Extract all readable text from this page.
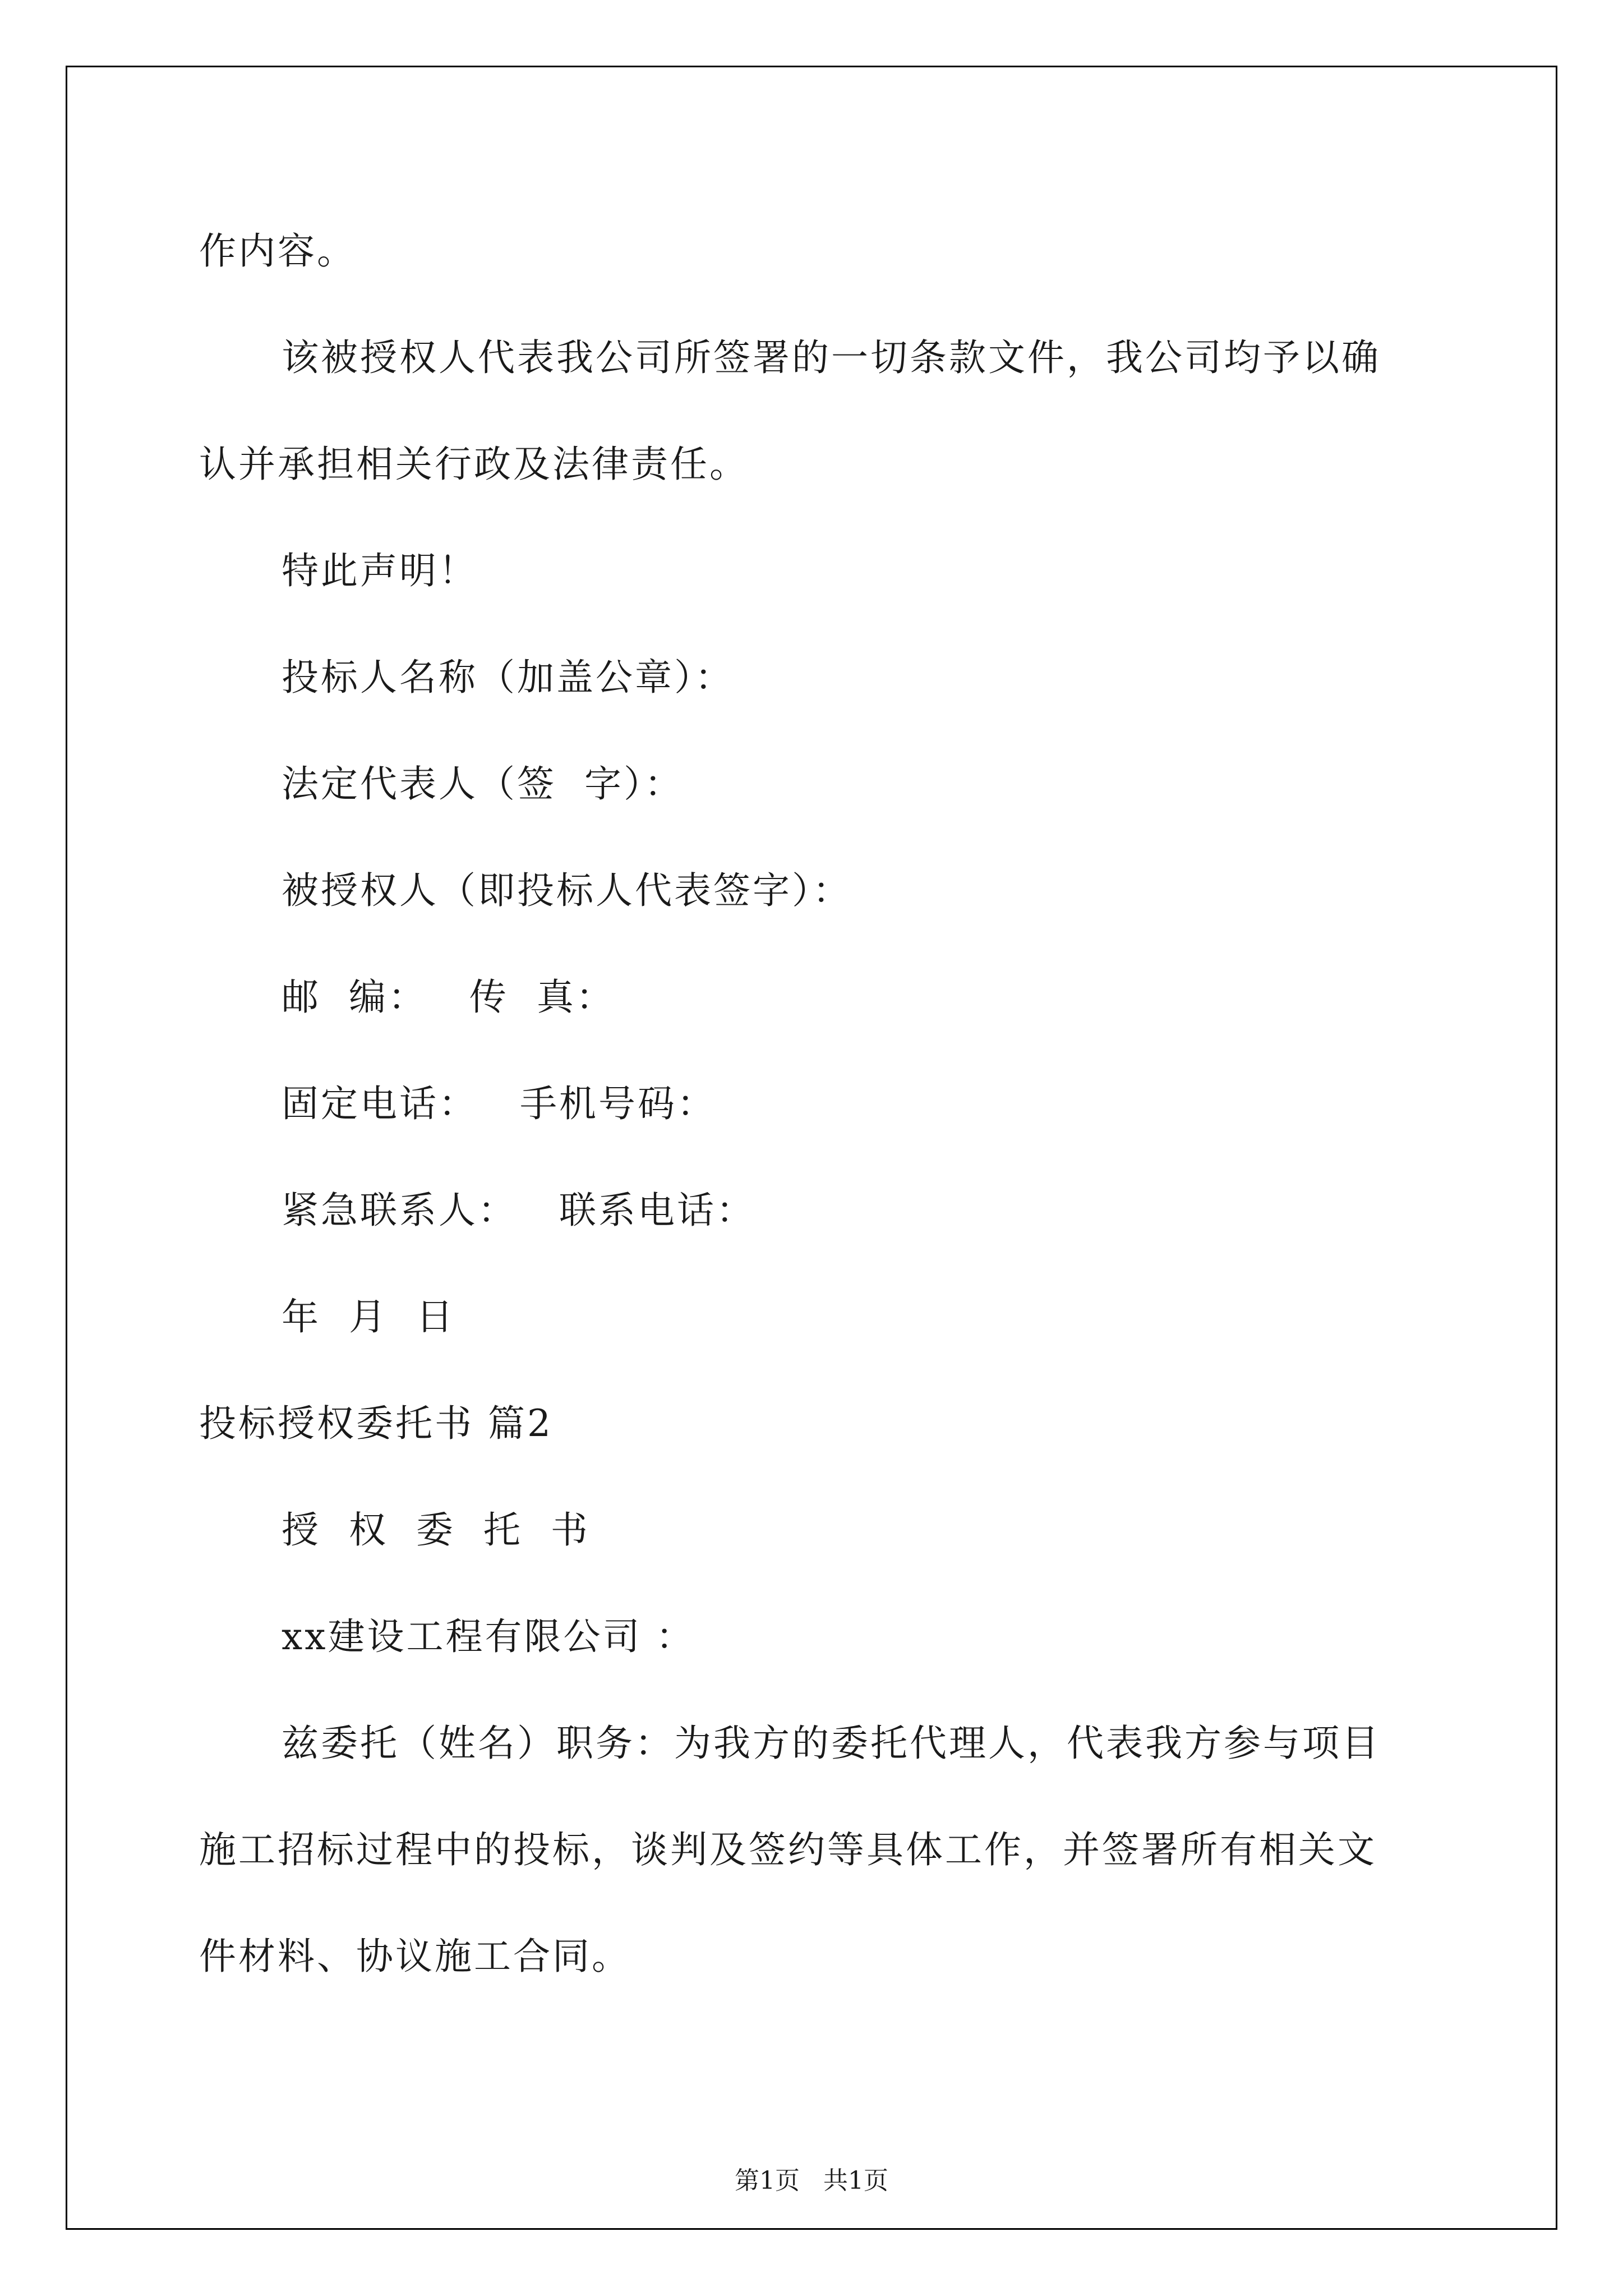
作内容。
该被授权人代表我公司所签署的一切条款文件，我公司均予以确
认并承担相关行政及法律责任。
特此声明！
投标人名称（加盖公章）：
法定代表人（签  字）：
被授权人（即投标人代表签字）：
邮  编：   传  真：
固定电话：   手机号码：
紧急联系人：   联系电话：
年  月  日
投标授权委托书 篇2
授  权  委  托  书
xx建设工程有限公司 ：
兹委托（姓名）职务：为我方的委托代理人，代表我方参与项目
施工招标过程中的投标，谈判及签约等具体工作，并签署所有相关文
件材料、协议施工合同。
第1页   共1页
